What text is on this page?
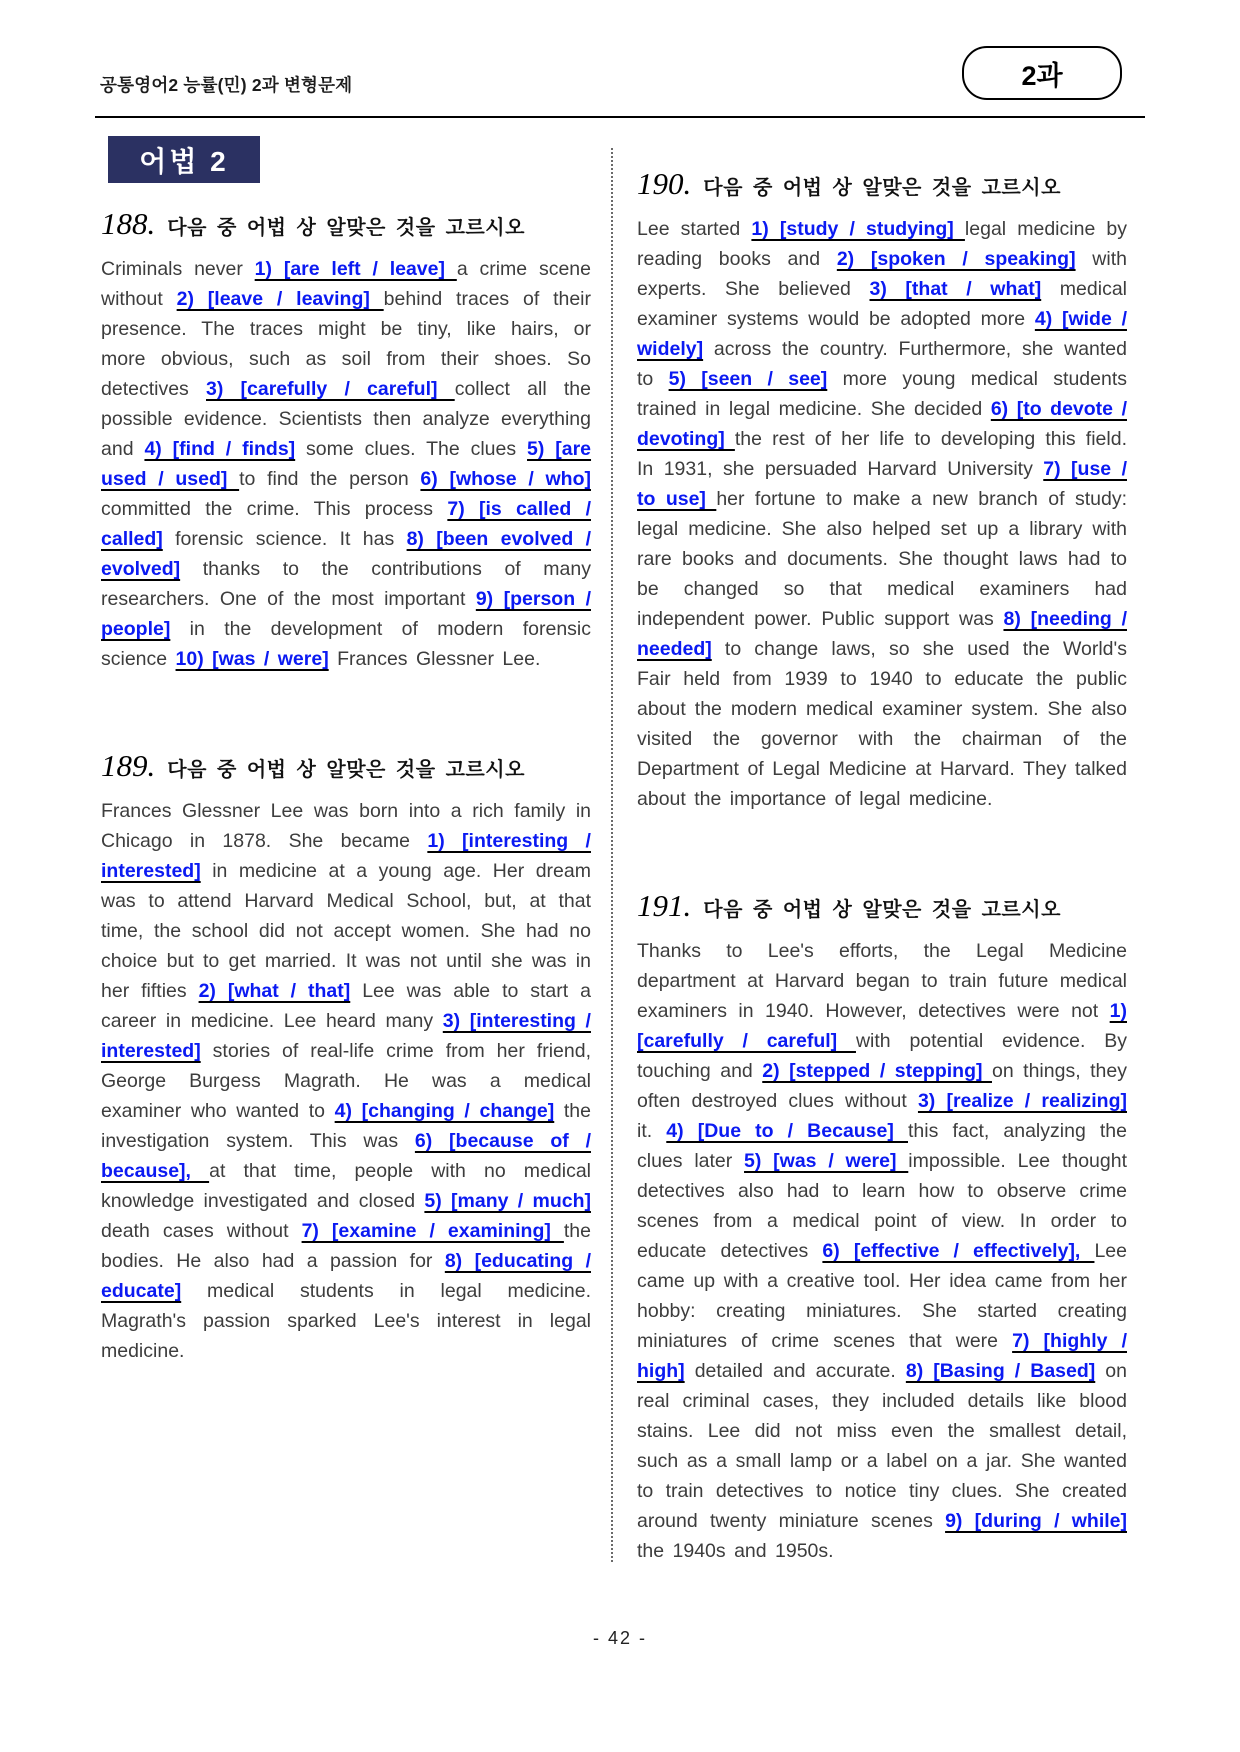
공통영어2 능률(민) 2과 변형문제	2과
어법 2
188. 다음 중 어법 상 알맞은 것을 고르시오

Criminals never 1) [are left / leave] a crime scene without 2) [leave / leaving] behind traces of their presence. The traces might be tiny, like hairs, or more obvious, such as soil from their shoes. So detectives 3) [carefully / careful] collect all the possible evidence. Scientists then analyze everything and 4) [find / finds] some clues. The clues 5) [are used / used] to find the person 6) [whose / who] committed the crime. This process 7) [is called / called] forensic science. It has 8) [been evolved / evolved] thanks to the contributions of many researchers. One of the most important 9) [person / people] in the development of modern forensic science 10) [was / were] Frances Glessner Lee.

189. 다음 중 어법 상 알맞은 것을 고르시오

Frances Glessner Lee was born into a rich family in Chicago in 1878. She became 1) [interesting / interested] in medicine at a young age. Her dream was to attend Harvard Medical School, but, at that time, the school did not accept women. She had no choice but to get married. It was not until she was in her fifties 2) [what / that] Lee was able to start a career in medicine. Lee heard many 3) [interesting / interested] stories of real-life crime from her friend, George Burgess Magrath. He was a medical examiner who wanted to 4) [changing / change] the investigation system. This was 6) [because of / because], at that time, people with no medical knowledge investigated and closed 5) [many / much] death cases without 7) [examine / examining] the bodies. He also had a passion for 8) [educating / educate] medical students in legal medicine. Magrath's passion sparked Lee's interest in legal medicine.

190. 다음 중 어법 상 알맞은 것을 고르시오

Lee started 1) [study / studying] legal medicine by reading books and 2) [spoken / speaking] with experts. She believed 3) [that / what] medical examiner systems would be adopted more 4) [wide / widely] across the country. Furthermore, she wanted to 5) [seen / see] more young medical students trained in legal medicine. She decided 6) [to devote / devoting] the rest of her life to developing this field. In 1931, she persuaded Harvard University 7) [use / to use] her fortune to make a new branch of study: legal medicine. She also helped set up a library with rare books and documents. She thought laws had to be changed so that medical examiners had independent power. Public support was 8) [needing / needed] to change laws, so she used the World's Fair held from 1939 to 1940 to educate the public about the modern medical examiner system. She also visited the governor with the chairman of the Department of Legal Medicine at Harvard. They talked about the importance of legal medicine.

191. 다음 중 어법 상 알맞은 것을 고르시오

Thanks to Lee's efforts, the Legal Medicine department at Harvard began to train future medical examiners in 1940. However, detectives were not 1) [carefully / careful] with potential evidence. By touching and 2) [stepped / stepping] on things, they often destroyed clues without 3) [realize / realizing] it. 4) [Due to / Because] this fact, analyzing the clues later 5) [was / were] impossible. Lee thought detectives also had to learn how to observe crime scenes from a medical point of view. In order to educate detectives 6) [effective / effectively], Lee came up with a creative tool. Her idea came from her hobby: creating miniatures. She started creating miniatures of crime scenes that were 7) [highly / high] detailed and accurate. 8) [Basing / Based] on real criminal cases, they included details like blood stains. Lee did not miss even the smallest detail, such as a small lamp or a label on a jar. She wanted to train detectives to notice tiny clues. She created around twenty miniature scenes 9) [during / while] the 1940s and 1950s.

- 42 -
